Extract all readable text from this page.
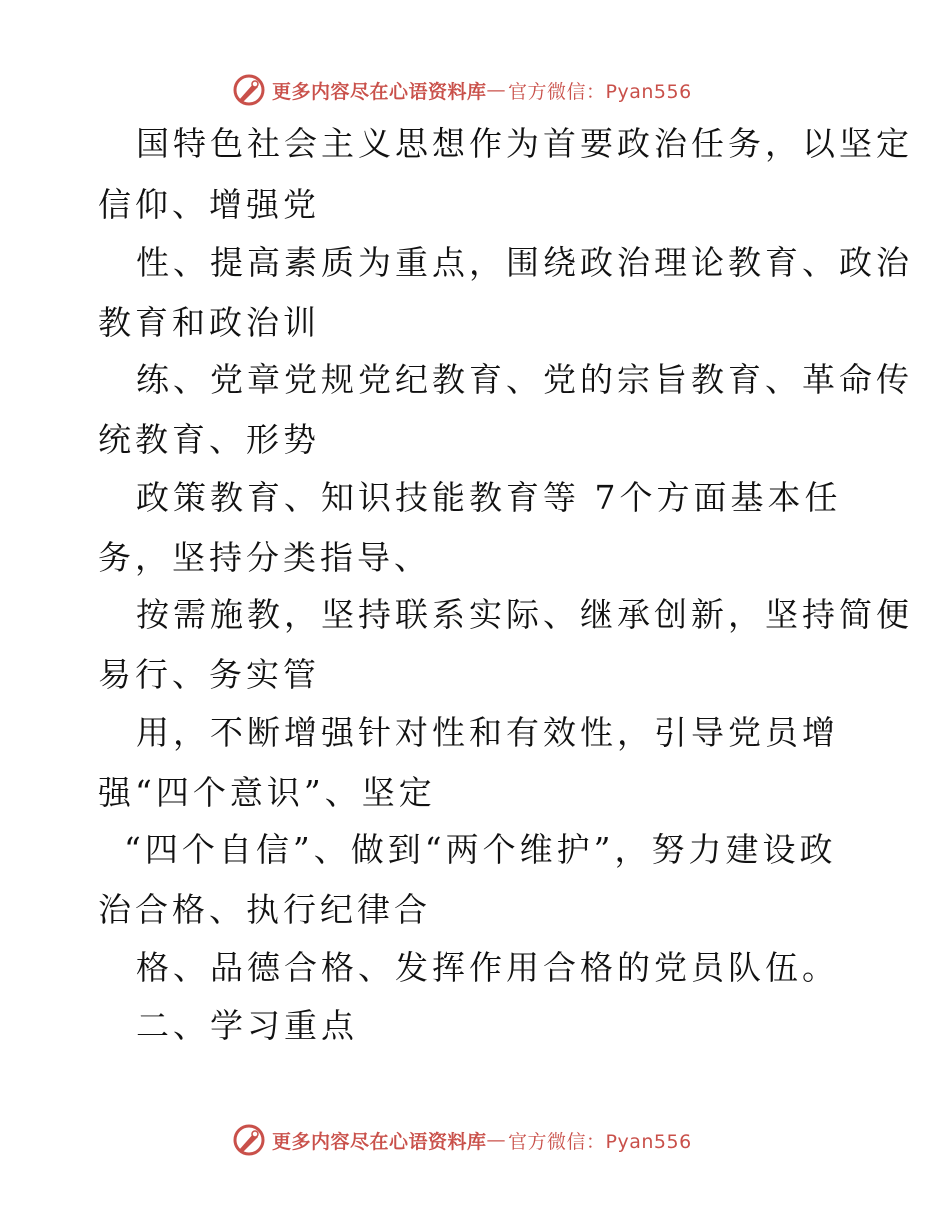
更多内容尽在心语资料库 — 官方微信：Pyan556
国特色社会主义思想作为首要政治任务，以坚定
信仰、增强党
性、提高素质为重点，围绕政治理论教育、政治
教育和政治训
练、党章党规党纪教育、党的宗旨教育、革命传
统教育、形势
政策教育、知识技能教育等 7个方面基本任
务，坚持分类指导、
按需施教，坚持联系实际、继承创新，坚持简便
易行、务实管
用，不断增强针对性和有效性，引导党员增
强“四个意识”、坚定
“四个自信”、做到“两个维护”，努力建设政
治合格、执行纪律合
格、品德合格、发挥作用合格的党员队伍。
二、学习重点
更多内容尽在心语资料库 — 官方微信：Pyan556
